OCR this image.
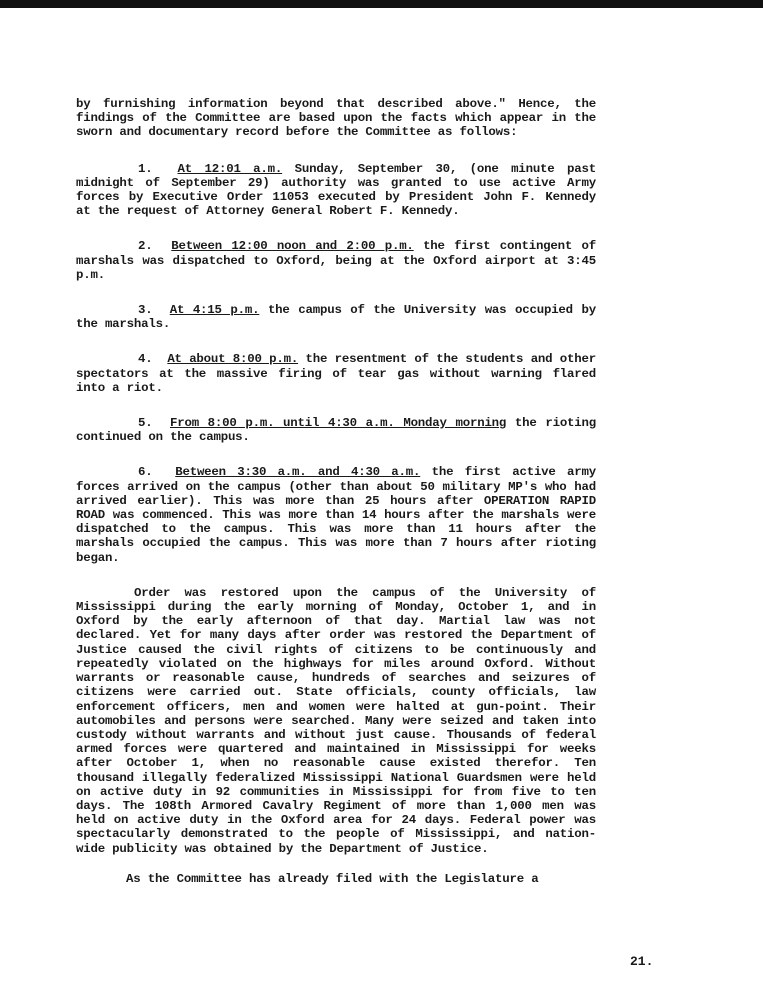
by furnishing information beyond that described above." Hence, the findings of the Committee are based upon the facts which appear in the sworn and documentary record before the Committee as follows:

1. At 12:01 a.m. Sunday, September 30, (one minute past midnight of September 29) authority was granted to use active Army forces by Executive Order 11053 executed by President John F. Kennedy at the request of Attorney General Robert F. Kennedy.
2. Between 12:00 noon and 2:00 p.m. the first contingent of marshals was dispatched to Oxford, being at the Oxford airport at 3:45 p.m.
3. At 4:15 p.m. the campus of the University was occupied by the marshals.
4. At about 8:00 p.m. the resentment of the students and other spectators at the massive firing of tear gas without warning flared into a riot.
5. From 8:00 p.m. until 4:30 a.m. Monday morning the rioting continued on the campus.
6. Between 3:30 a.m. and 4:30 a.m. the first active army forces arrived on the campus (other than about 50 military MP's who had arrived earlier). This was more than 25 hours after OPERATION RAPID ROAD was commenced. This was more than 14 hours after the marshals were dispatched to the campus. This was more than 11 hours after the marshals occupied the campus. This was more than 7 hours after rioting began.

Order was restored upon the campus of the University of Mississippi during the early morning of Monday, October 1, and in Oxford by the early afternoon of that day. Martial law was not declared. Yet for many days after order was restored the Department of Justice caused the civil rights of citizens to be continuously and repeatedly violated on the highways for miles around Oxford. Without warrants or reasonable cause, hundreds of searches and seizures of citizens were carried out. State officials, county officials, law enforcement officers, men and women were halted at gun-point. Their automobiles and persons were searched. Many were seized and taken into custody without warrants and without just cause. Thousands of federal armed forces were quartered and maintained in Mississippi for weeks after October 1, when no reasonable cause existed therefor. Ten thousand illegally federalized Mississippi National Guardsmen were held on active duty in 92 communities in Mississippi for from five to ten days. The 108th Armored Cavalry Regiment of more than 1,000 men was held on active duty in the Oxford area for 24 days. Federal power was spectacularly demonstrated to the people of Mississippi, and nation-wide publicity was obtained by the Department of Justice.

As the Committee has already filed with the Legislature a

21.
